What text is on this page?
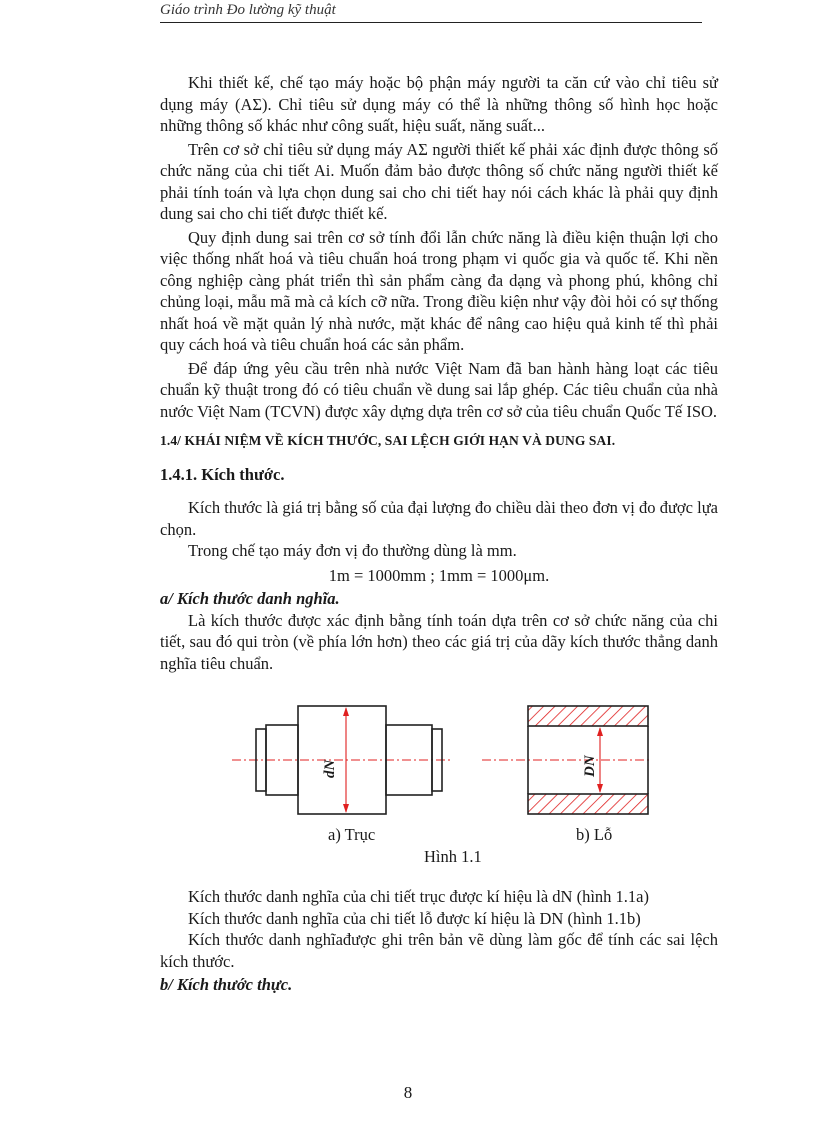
Giáo trình Đo lường kỹ thuật

Khi thiết kế, chế tạo máy hoặc bộ phận máy người ta căn cứ vào chỉ tiêu sử dụng máy (AΣ). Chỉ tiêu sử dụng máy có thể là những thông số hình học hoặc những thông số khác như công suất, hiệu suất, năng suất...

Trên cơ sở chỉ tiêu sử dụng máy AΣ người thiết kế phải xác định được thông số chức năng của chi tiết Ai. Muốn đảm bảo được thông số chức năng người thiết kế phải tính toán và lựa chọn dung sai cho chi tiết hay nói cách khác là phải quy định dung sai cho chi tiết được thiết kế.

Quy định dung sai trên cơ sở tính đổi lẫn chức năng là điều kiện thuận lợi cho việc thống nhất hoá và tiêu chuẩn hoá trong phạm vi quốc gia và quốc tế. Khi nền công nghiệp càng phát triển thì sản phẩm càng đa dạng và phong phú, không chỉ chủng loại, mẫu mã mà cả kích cỡ nữa. Trong điều kiện như vậy đòi hỏi có sự thống nhất hoá về mặt quản lý nhà nước, mặt khác để nâng cao hiệu quả kinh tế thì phải quy cách hoá và tiêu chuẩn hoá các sản phẩm.

Để đáp ứng yêu cầu trên nhà nước Việt Nam đã ban hành hàng loạt các tiêu chuẩn kỹ thuật trong đó có tiêu chuẩn về dung sai lắp ghép. Các tiêu chuẩn của nhà nước Việt Nam (TCVN) được xây dựng dựa trên cơ sở của tiêu chuẩn Quốc Tế ISO.

1.4/ KHÁI NIỆM VỀ KÍCH THƯỚC, SAI LỆCH GIỚI HẠN VÀ DUNG SAI.

1.4.1. Kích thước.

Kích thước là giá trị bằng số của đại lượng đo chiều dài theo đơn vị đo được lựa chọn.

Trong chế tạo máy đơn vị đo thường dùng là mm.

1m = 1000mm ; 1mm = 1000μm.

a/ Kích thước danh nghĩa.

Là kích thước được xác định bằng tính toán dựa trên cơ sở chức năng của chi tiết, sau đó qui tròn (về phía lớn hơn) theo các giá trị của dãy kích thước thẳng danh nghĩa tiêu chuẩn.

dN	DN
a) Trục	b) Lỗ
Hình 1.1

Kích thước danh nghĩa của chi tiết trục được kí hiệu là dN (hình 1.1a)

Kích thước danh nghĩa của chi tiết lỗ được kí hiệu là DN (hình 1.1b)

Kích thước danh nghĩađược ghi trên bản vẽ dùng làm gốc để tính các sai lệch kích thước.

b/ Kích thước thực.

8
